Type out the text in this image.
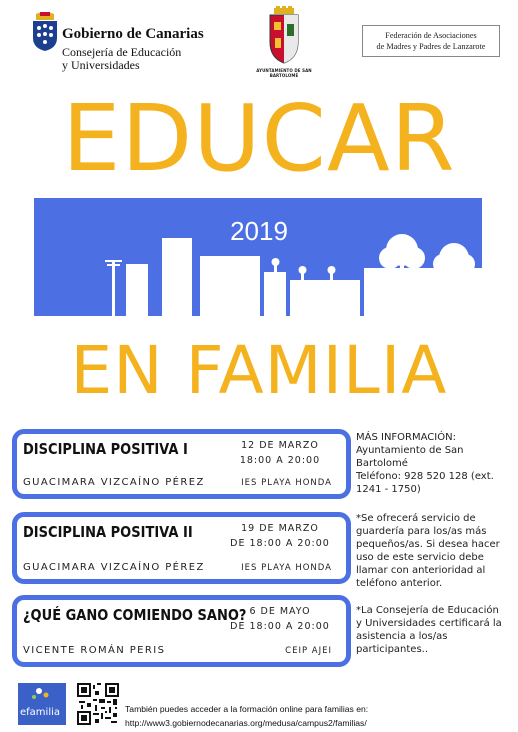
Gobierno de Canarias
Consejería de Educación
y Universidades	AYUNTAMIENTO DE SAN BARTOLOMÉ
Federación de Asociaciones
de Madres y Padres de Lanzarote
EDUCAR
2019
EN FAMILIA
DISCIPLINA POSITIVA I	12 DE MARZO
18:00 A 20:00
GUACIMARA VIZCAÍNO PÉREZ	IES PLAYA HONDA
DISCIPLINA POSITIVA II	19 DE MARZO
DE 18:00 A 20:00
GUACIMARA VIZCAÍNO PÉREZ	IES PLAYA HONDA
¿QUÉ GANO COMIENDO SANO? 6 DE MAYO
DE 18:00 A 20:00
VICENTE ROMÁN PERIS	CEIP AJEI
MÁS INFORMACIÓN:
Ayuntamiento de San
Bartolomé
Teléfono: 928 520 128 (ext.
1241 - 1750)
*Se ofrecerá servicio de
guardería para los/as más
pequeños/as. Si desea hacer
uso de este servicio debe
llamar con anterioridad al
teléfono anterior.
*La Consejería de Educación
y Universidades certificará la
asistencia a los/as
participantes..
efamilia	También puedes acceder a la formación online para familias en:
http://www3.gobiernodecanarias.org/medusa/campus2/familias/
